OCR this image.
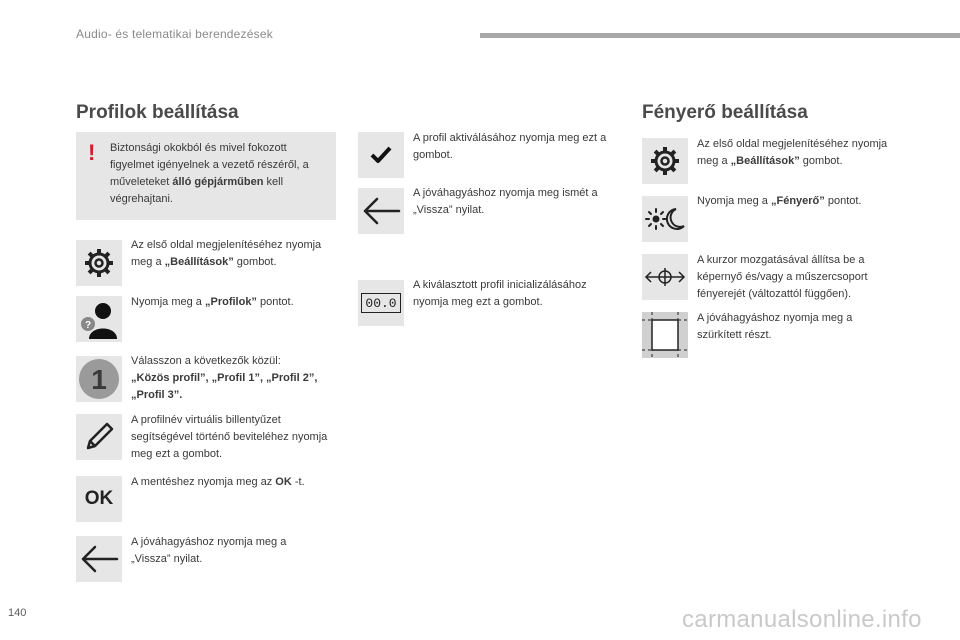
Audio- és telematikai berendezések
Profilok beállítása
! Biztonsági okokból és mivel fokozott figyelmet igényelnek a vezető részéről, a műveleteket álló gépjárműben kell végrehajtani.
Az első oldal megjelenítéséhez nyomja meg a „Beállítások” gombot.
?
Nyomja meg a „Profilok” pontot.
1
Válasszon a következők közül: „Közös profil”, „Profil 1”, „Profil 2”, „Profil 3”.
A profilnév virtuális billentyűzet segítségével történő beviteléhez nyomja meg ezt a gombot.
OK
A mentéshez nyomja meg az OK -t.
A jóváhagyáshoz nyomja meg a „Vissza” nyilat.
A profil aktiválásához nyomja meg ezt a gombot.
A jóváhagyáshoz nyomja meg ismét a „Vissza” nyilat.
00.0
A kiválasztott profil inicializálásához nyomja meg ezt a gombot.
Fényerő beállítása
Az első oldal megjelenítéséhez nyomja meg a „Beállítások” gombot.
Nyomja meg a „Fényerő” pontot.
A kurzor mozgatásával állítsa be a képernyő és/vagy a műszercsoport fényerejét (változattól függően).
A jóváhagyáshoz nyomja meg a szürkített részt.
140	carmanualsonline.info
